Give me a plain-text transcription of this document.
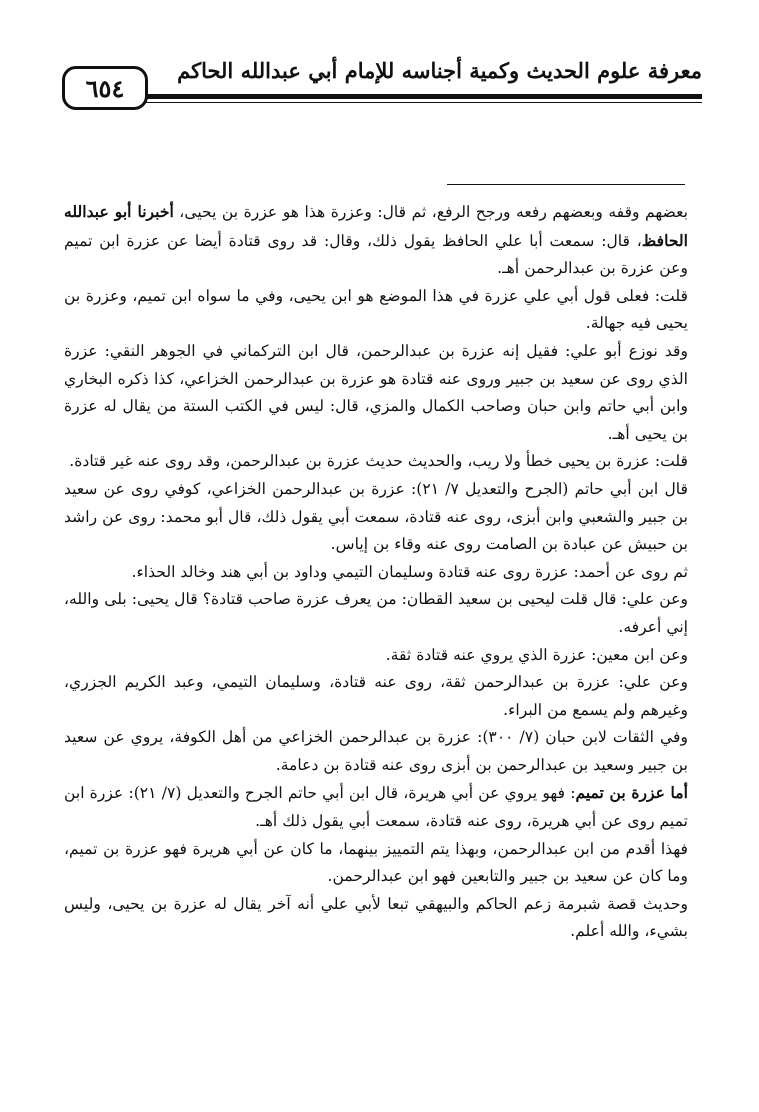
٦٥٤
معرفة علوم الحديث وكمية أجناسه للإمام أبي عبدالله الحاكم

بعضهم وقفه وبعضهم رفعه ورجح الرفع، ثم قال: وعزرة هذا هو عزرة بن يحيى، أخبرنا أبو عبدالله الحافظ، قال: سمعت أبا علي الحافظ يقول ذلك، وقال: قد روى قتادة أيضا عن عزرة ابن تميم وعن عزرة بن عبدالرحمن أهـ.

قلت: فعلى قول أبي علي عزرة في هذا الموضع هو ابن يحيى، وفي ما سواه ابن تميم، وعزرة بن يحيى فيه جهالة.

وقد نوزع أبو علي: فقيل إنه عزرة بن عبدالرحمن، قال ابن التركماني في الجوهر النقي: عزرة الذي روى عن سعيد بن جبير وروى عنه قتادة هو عزرة بن عبدالرحمن الخزاعي، كذا ذكره البخاري وابن أبي حاتم وابن حبان وصاحب الكمال والمزي، قال: ليس في الكتب الستة من يقال له عزرة بن يحيى أهـ.

قلت: عزرة بن يحيى خطأ ولا ريب، والحديث حديث عزرة بن عبدالرحمن، وقد روى عنه غير قتادة.

قال ابن أبي حاتم (الجرح والتعديل ٧/ ٢١): عزرة بن عبدالرحمن الخزاعي، كوفي روى عن سعيد بن جبير والشعبي وابن أبزى، روى عنه قتادة، سمعت أبي يقول ذلك، قال أبو محمد: روى عن راشد بن حبيش عن عبادة بن الصامت روى عنه وقاء بن إياس.

ثم روى عن أحمد: عزرة روى عنه قتادة وسليمان التيمي وداود بن أبي هند وخالد الحذاء.

وعن علي: قال قلت ليحيى بن سعيد القطان: من يعرف عزرة صاحب قتادة؟ قال يحيى: بلى والله، إني أعرفه.

وعن ابن معين: عزرة الذي يروي عنه قتادة ثقة.

وعن علي: عزرة بن عبدالرحمن ثقة، روى عنه قتادة، وسليمان التيمي، وعبد الكريم الجزري، وغيرهم ولم يسمع من البراء.

وفي الثقات لابن حبان (٧/ ٣٠٠): عزرة بن عبدالرحمن الخزاعي من أهل الكوفة، يروي عن سعيد بن جبير وسعيد بن عبدالرحمن بن أبزى روى عنه قتادة بن دعامة.

أما عزرة بن تميم: فهو يروي عن أبي هريرة، قال ابن أبي حاتم الجرح والتعديل (٧/ ٢١): عزرة ابن تميم روى عن أبي هريرة، روى عنه قتادة، سمعت أبي يقول ذلك أهـ.

فهذا أقدم من ابن عبدالرحمن، وبهذا يتم التمييز بينهما، ما كان عن أبي هريرة فهو عزرة بن تميم، وما كان عن سعيد بن جبير والتابعين فهو ابن عبدالرحمن.

وحديث قصة شبرمة زعم الحاكم والبيهقي تبعا لأبي علي أنه آخر يقال له عزرة بن يحيى، وليس بشيء، والله أعلم.
